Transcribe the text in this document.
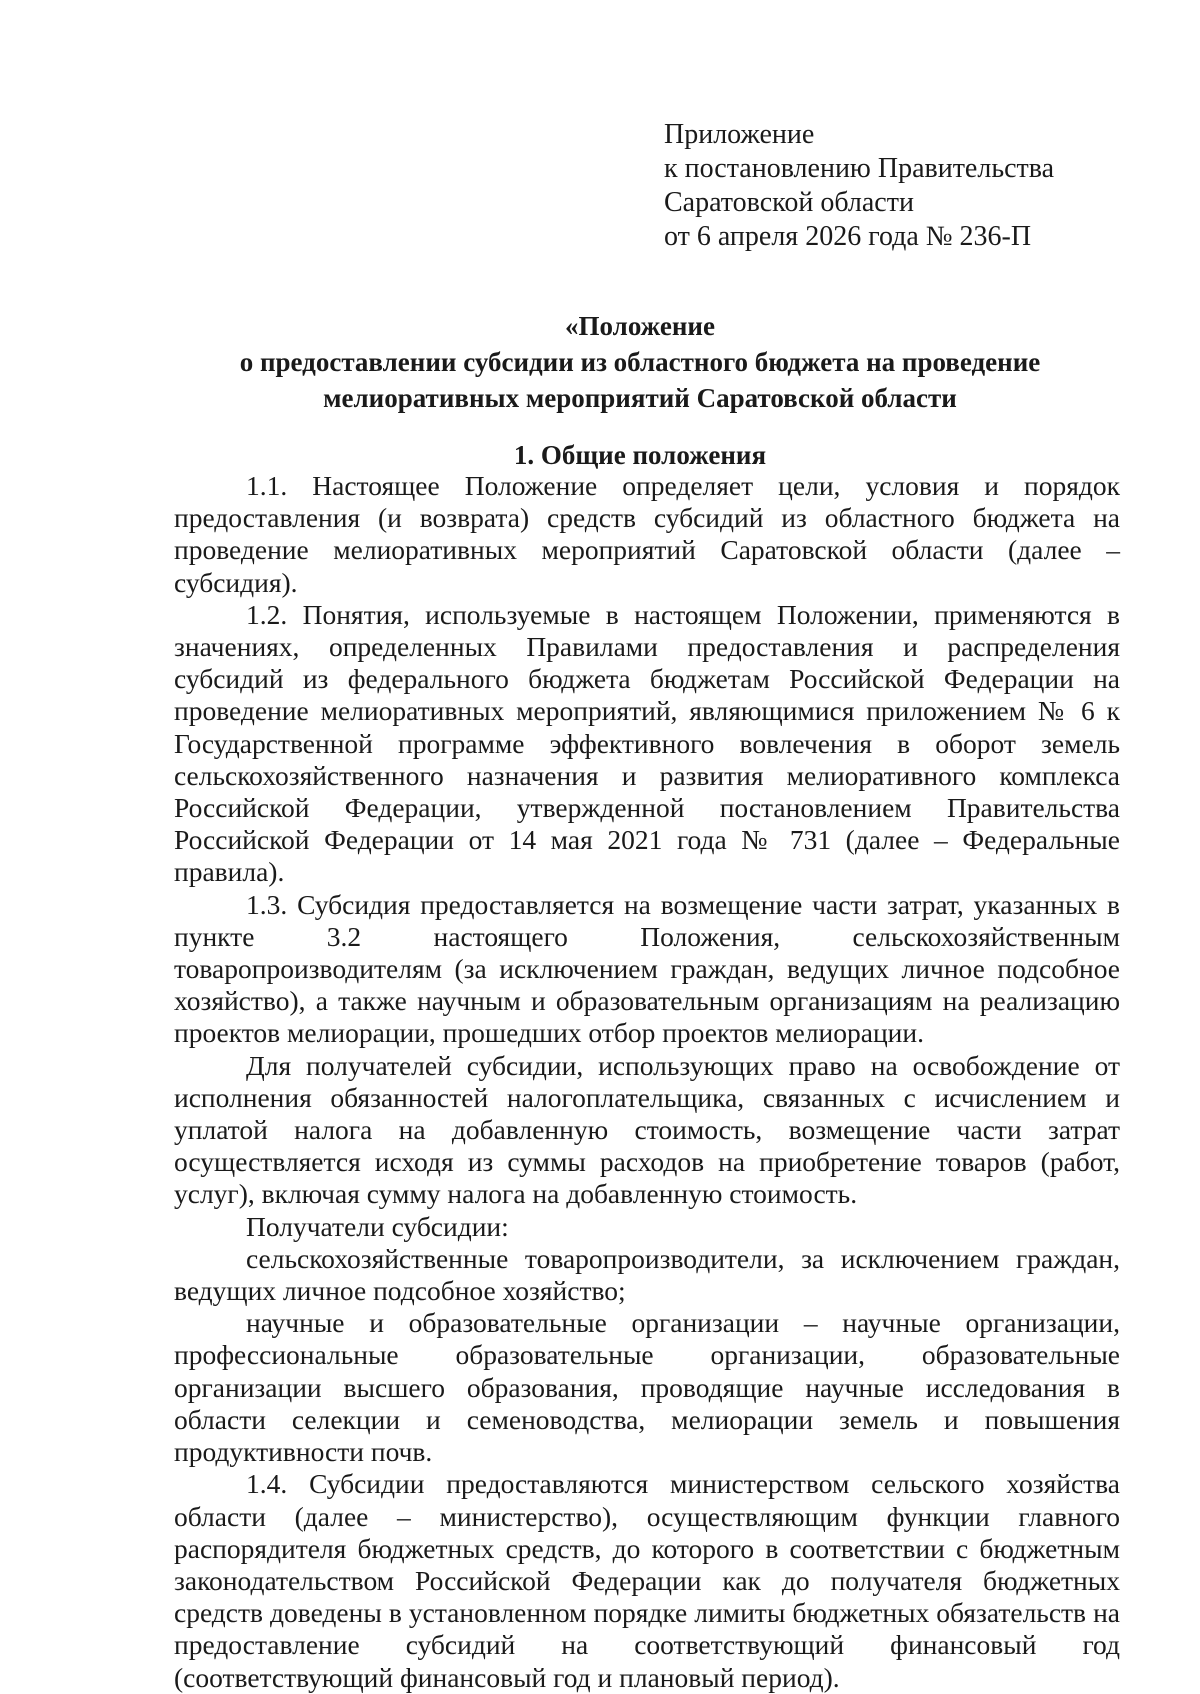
Приложение
к постановлению Правительства
Саратовской области
от 6 апреля 2026 года № 236-П
«Положение
о предоставлении субсидии из областного бюджета на проведение
мелиоративных мероприятий Саратовской области
1. Общие положения

1.1. Настоящее Положение определяет цели, условия и порядок предоставления (и возврата) средств субсидий из областного бюджета на проведение мелиоративных мероприятий Саратовской области (далее – субсидия).

1.2. Понятия, используемые в настоящем Положении, применяются в значениях, определенных Правилами предоставления и распределения субсидий из федерального бюджета бюджетам Российской Федерации на проведение мелиоративных мероприятий, являющимися приложением № 6 к Государственной программе эффективного вовлечения в оборот земель сельскохозяйственного назначения и развития мелиоративного комплекса Российской Федерации, утвержденной постановлением Правительства Российской Федерации от 14 мая 2021 года № 731 (далее – Федеральные правила).

1.3. Субсидия предоставляется на возмещение части затрат, указанных в пункте 3.2 настоящего Положения, сельскохозяйственным товаропроизводителям (за исключением граждан, ведущих личное подсобное хозяйство), а также научным и образовательным организациям на реализацию проектов мелиорации, прошедших отбор проектов мелиорации.

Для получателей субсидии, использующих право на освобождение от исполнения обязанностей налогоплательщика, связанных с исчислением и уплатой налога на добавленную стоимость, возмещение части затрат осуществляется исходя из суммы расходов на приобретение товаров (работ, услуг), включая сумму налога на добавленную стоимость.

Получатели субсидии:

сельскохозяйственные товаропроизводители, за исключением граждан, ведущих личное подсобное хозяйство;

научные и образовательные организации – научные организации, профессиональные образовательные организации, образовательные организации высшего образования, проводящие научные исследования в области селекции и семеноводства, мелиорации земель и повышения продуктивности почв.

1.4. Субсидии предоставляются министерством сельского хозяйства области (далее – министерство), осуществляющим функции главного распорядителя бюджетных средств, до которого в соответствии с бюджетным законодательством Российской Федерации как до получателя бюджетных средств доведены в установленном порядке лимиты бюджетных обязательств на предоставление субсидий на соответствующий финансовый год (соответствующий финансовый год и плановый период).
